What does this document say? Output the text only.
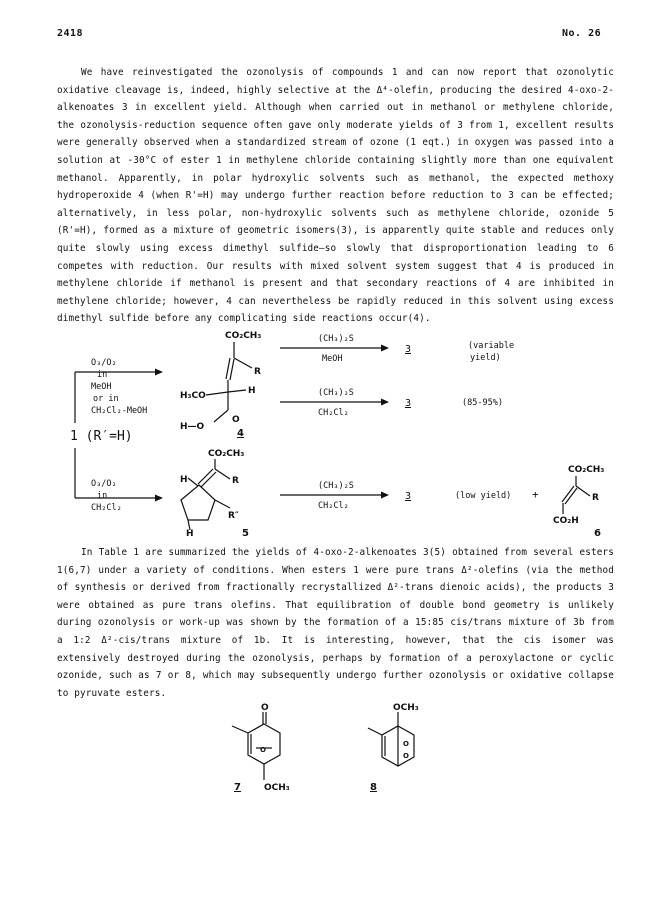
2418	No. 26
We have reinvestigated the ozonolysis of compounds 1 and can now report that ozonolytic oxidative cleavage is, indeed, highly selective at the Δ⁴-olefin, producing the desired 4-oxo-2-alkenoates 3 in excellent yield. Although when carried out in methanol or methylene chloride, the ozonolysis-reduction sequence often gave only moderate yields of 3 from 1, excellent results were generally observed when a standardized stream of ozone (1 eqt.) in oxygen was passed into a solution at -30°C of ester 1 in methylene chloride containing slightly more than one equivalent methanol. Apparently, in polar hydroxylic solvents such as methanol, the expected methoxy hydroperoxide 4 (when R'=H) may undergo further reaction before reduction to 3 can be effected; alternatively, in less polar, non-hydroxylic solvents such as methylene chloride, ozonide 5 (R'=H), formed as a mixture of geometric isomers(3), is apparently quite stable and reduces only quite slowly using excess dimethyl sulfide—so slowly that disproportionation leading to 6 competes with reduction. Our results with mixed solvent system suggest that 4 is produced in methylene chloride if methanol is present and that secondary reactions of 4 are inhibited in methylene chloride; however, 4 can nevertheless be rapidly reduced in this solvent using excess dimethyl sulfide before any complicating side reactions occur(4).
O₃/O₂
in
MeOH
or in
CH₂Cl₂-MeOH
1 (R′=H)
O₃/O₂
in
CH₂Cl₂
CO₂CH₃
R
H
H₃CO
H—O
O
4
(CH₃)₂S
MeOH
3	(variable
yield)
(CH₃)₂S
CH₂Cl₂
3	(85-95%)
CO₂CH₃
R
H
R″
H	5
(CH₃)₂S
CH₂Cl₂
3	(low yield) +
CO₂CH₃
R
CO₂H
6
In Table 1 are summarized the yields of 4-oxo-2-alkenoates 3(5) obtained from several esters 1(6,7) under a variety of conditions. When esters 1 were pure trans Δ²-olefins (via the method of synthesis or derived from fractionally recrystallized Δ²-trans dienoic acids), the products 3 were obtained as pure trans olefins. That equilibration of double bond geometry is unlikely during ozonolysis or work-up was shown by the formation of a 15:85 cis/trans mixture of 3b from a 1:2 Δ²-cis/trans mixture of 1b. It is interesting, however, that the cis isomer was extensively destroyed during the ozonolysis, perhaps by formation of a peroxylactone or cyclic ozonide, such as 7 or 8, which may subsequently undergo further ozonolysis or oxidative collapse to pyruvate esters.
O
O
OCH₃
7
OCH₃
O
O
8
